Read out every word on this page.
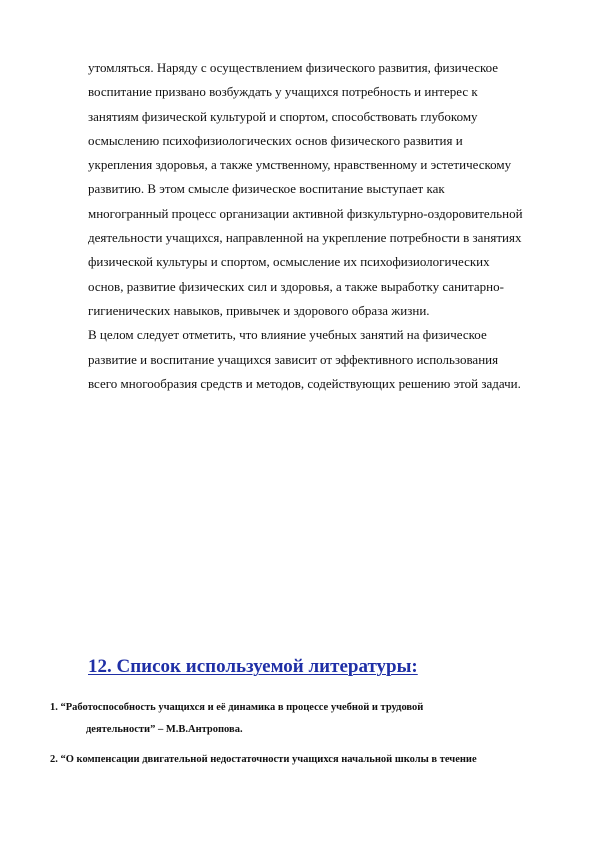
утомляться. Наряду с осуществлением физического развития, физическое
воспитание призвано возбуждать у учащихся потребность и интерес к
занятиям физической культурой и спортом, способствовать глубокому
осмыслению психофизиологических основ физического развития и
укрепления здоровья, а также умственному, нравственному и эстетическому
развитию. В этом смысле физическое воспитание выступает как
многогранный процесс организации активной физкультурно-оздоровительной
деятельности учащихся, направленной на укрепление потребности в занятиях
физической культуры и спортом, осмысление их психофизиологических
основ, развитие физических сил и здоровья, а также выработку санитарно-
гигиенических навыков, привычек и здорового образа жизни.
В целом следует отметить, что влияние учебных занятий на физическое
развитие и воспитание учащихся зависит от эффективного использования
всего многообразия средств и методов, содействующих решению этой задачи.
12. Список используемой литературы:
1. “Работоспособность учащихся и её динамика в процессе учебной и трудовой
деятельности” – М.В.Антропова.
2. “О компенсации двигательной недостаточности учащихся начальной школы в течение
